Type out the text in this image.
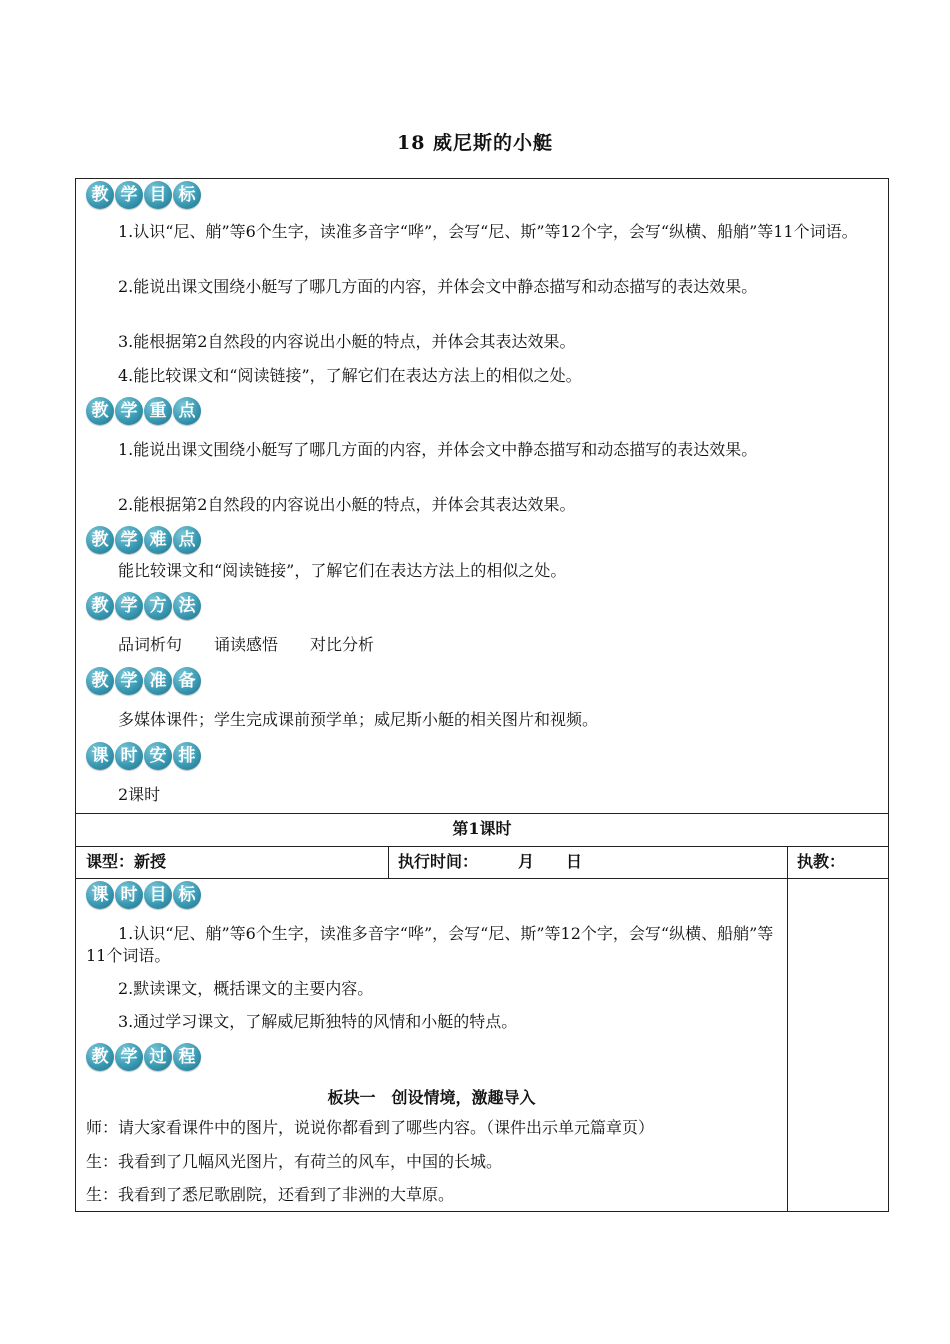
18 威尼斯的小艇
教 学 目 标
1.认识“尼、艄”等6个生字，读准多音字“哗”，会写“尼、斯”等12个字，会写“纵横、船艄”等11个词语。
2.能说出课文围绕小艇写了哪几方面的内容，并体会文中静态描写和动态描写的表达效果。
3.能根据第2自然段的内容说出小艇的特点，并体会其表达效果。
4.能比较课文和“阅读链接”，了解它们在表达方法上的相似之处。
教 学 重 点
1.能说出课文围绕小艇写了哪几方面的内容，并体会文中静态描写和动态描写的表达效果。
2.能根据第2自然段的内容说出小艇的特点，并体会其表达效果。
教 学 难 点
能比较课文和“阅读链接”，了解它们在表达方法上的相似之处。
教 学 方 法
品词析句　　诵读感悟　　对比分析
教 学 准 备
多媒体课件；学生完成课前预学单；威尼斯小艇的相关图片和视频。
课 时 安 排
2课时
第1课时
课型：新授	执行时间：　　　月　　日	执教：
课 时 目 标
1.认识“尼、艄”等6个生字，读准多音字“哗”，会写“尼、斯”等12个字，会写“纵横、船艄”等11个词语。
2.默读课文，概括课文的主要内容。
3.通过学习课文，了解威尼斯独特的风情和小艇的特点。
教 学 过 程
板块一　创设情境，激趣导入
师：请大家看课件中的图片，说说你都看到了哪些内容。（课件出示单元篇章页）
生：我看到了几幅风光图片，有荷兰的风车，中国的长城。
生：我看到了悉尼歌剧院，还看到了非洲的大草原。
